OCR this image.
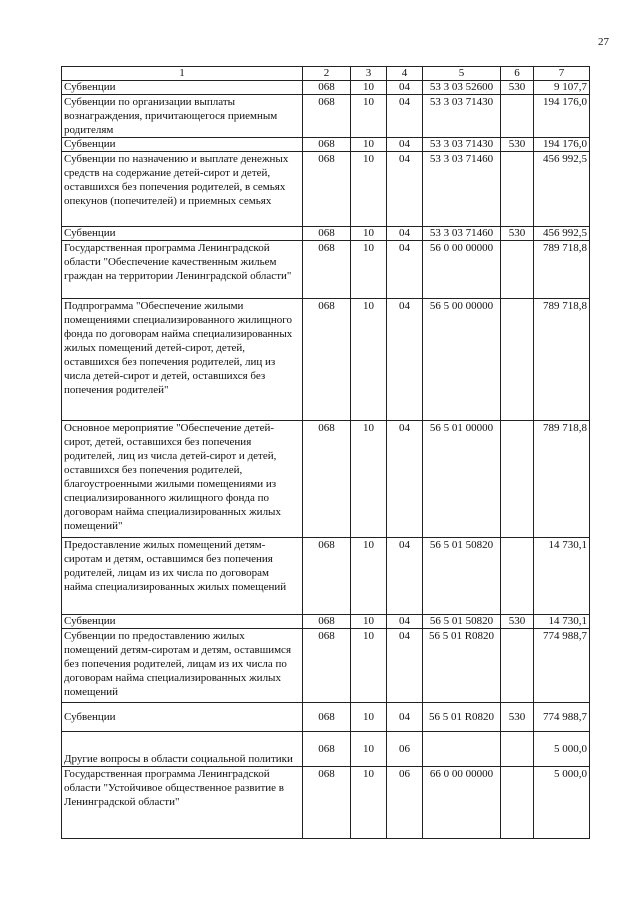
27
1	2	3	4	5	6	7
Субвенции	068	10	04	53 3 03 52600	530	9 107,7
Субвенции по организации выплаты вознаграждения, причитающегося приемным родителям	068	10	04	53 3 03 71430		194 176,0
Субвенции	068	10	04	53 3 03 71430	530	194 176,0
Субвенции по назначению и выплате денежных средств на содержание детей-сирот и детей, оставшихся без попечения родителей, в семьях опекунов (попечителей) и приемных семьях	068	10	04	53 3 03 71460		456 992,5
Субвенции	068	10	04	53 3 03 71460	530	456 992,5
Государственная программа Ленинградской области "Обеспечение качественным жильем граждан на территории Ленинградской области"	068	10	04	56 0 00 00000		789 718,8
Подпрограмма "Обеспечение жилыми помещениями специализированного жилищного фонда по договорам найма специализированных жилых помещений детей-сирот, детей, оставшихся без попечения родителей, лиц из числа детей-сирот и детей, оставшихся без попечения родителей"	068	10	04	56 5 00 00000		789 718,8
Основное мероприятие "Обеспечение детей-сирот, детей, оставшихся без попечения родителей, лиц из числа детей-сирот и детей, оставшихся без попечения родителей, благоустроенными жилыми помещениями из специализированного жилищного фонда по договорам найма специализированных жилых помещений"	068	10	04	56 5 01 00000		789 718,8
Предоставление жилых помещений детям-сиротам и детям, оставшимся без попечения родителей, лицам из их числа по договорам найма специализированных жилых помещений	068	10	04	56 5 01 50820		14 730,1
Субвенции	068	10	04	56 5 01 50820	530	14 730,1
Субвенции по предоставлению жилых помещений детям-сиротам и детям, оставшимся без попечения родителей, лицам из их числа по договорам найма специализированных жилых помещений	068	10	04	56 5 01 R0820		774 988,7
Субвенции	068	10	04	56 5 01 R0820	530	774 988,7
Другие вопросы в области социальной политики	068	10	06			5 000,0
Государственная программа Ленинградской области "Устойчивое общественное развитие в Ленинградской области"	068	10	06	66 0 00 00000		5 000,0
